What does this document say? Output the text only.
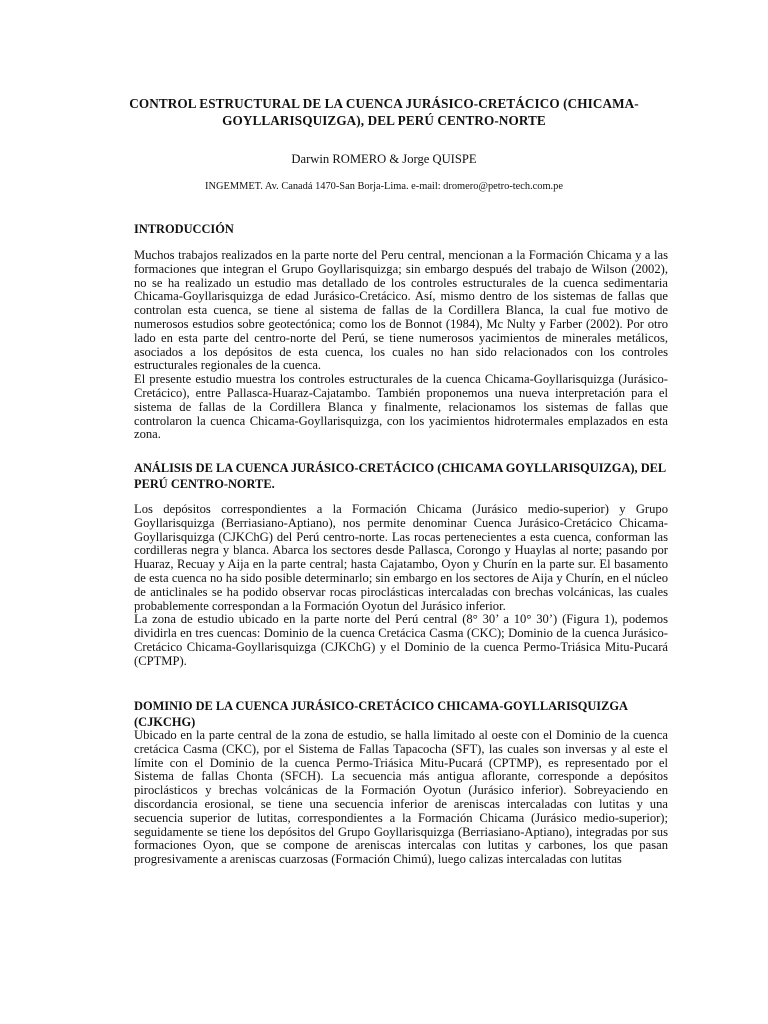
CONTROL ESTRUCTURAL DE LA CUENCA JURÁSICO-CRETÁCICO (CHICAMA-GOYLLARISQUIZGA), DEL PERÚ CENTRO-NORTE
Darwin ROMERO & Jorge QUISPE
INGEMMET. Av. Canadá 1470-San Borja-Lima. e-mail: dromero@petro-tech.com.pe
INTRODUCCIÓN

Muchos trabajos realizados en la parte norte del Peru central, mencionan a la Formación Chicama y a las formaciones que integran el Grupo Goyllarisquizga; sin embargo después del trabajo de Wilson (2002), no se ha realizado un estudio mas detallado de los controles estructurales de la cuenca sedimentaria Chicama-Goyllarisquizga de edad Jurásico-Cretácico. Así, mismo dentro de los sistemas de fallas que controlan esta cuenca, se tiene al sistema de fallas de la Cordillera Blanca, la cual fue motivo de numerosos estudios sobre geotectónica; como los de Bonnot (1984), Mc Nulty y Farber (2002). Por otro lado en esta parte del centro-norte del Perú, se tiene numerosos yacimientos de minerales metálicos, asociados a los depósitos de esta cuenca, los cuales no han sido relacionados con los controles estructurales regionales de la cuenca.

El presente estudio muestra los controles estructurales de la cuenca Chicama-Goyllarisquizga (Jurásico-Cretácico), entre Pallasca-Huaraz-Cajatambo. También proponemos una nueva interpretación para el sistema de fallas de la Cordillera Blanca y finalmente, relacionamos los sistemas de fallas que controlaron la cuenca Chicama-Goyllarisquizga, con los yacimientos hidrotermales emplazados en esta zona.

ANÁLISIS DE LA CUENCA JURÁSICO-CRETÁCICO (CHICAMA GOYLLARISQUIZGA), DEL PERÚ CENTRO-NORTE.

Los depósitos correspondientes a la Formación Chicama (Jurásico medio-superior) y Grupo Goyllarisquizga (Berriasiano-Aptiano), nos permite denominar Cuenca Jurásico-Cretácico Chicama-Goyllarisquizga (CJKChG) del Perú centro-norte. Las rocas pertenecientes a esta cuenca, conforman las cordilleras negra y blanca. Abarca los sectores desde Pallasca, Corongo y Huaylas al norte; pasando por Huaraz, Recuay y Aija en la parte central; hasta Cajatambo, Oyon y Churín en la parte sur. El basamento de esta cuenca no ha sido posible determinarlo; sin embargo en los sectores de Aija y Churín, en el núcleo de anticlinales se ha podido observar rocas piroclásticas intercaladas con brechas volcánicas, las cuales probablemente correspondan a la Formación Oyotun del Jurásico inferior.

La zona de estudio ubicado en la parte norte del Perú central (8° 30’ a 10° 30’) (Figura 1), podemos dividirla en tres cuencas: Dominio de la cuenca Cretácica Casma (CKC); Dominio de la cuenca Jurásico-Cretácico Chicama-Goyllarisquizga (CJKChG) y el Dominio de la cuenca Permo-Triásica Mitu-Pucará (CPTMP).

DOMINIO DE LA CUENCA JURÁSICO-CRETÁCICO CHICAMA-GOYLLARISQUIZGA (CJKCHG)

Ubicado en la parte central de la zona de estudio, se halla limitado al oeste con el Dominio de la cuenca cretácica Casma (CKC), por el Sistema de Fallas Tapacocha (SFT), las cuales son inversas y al este el límite con el Dominio de la cuenca Permo-Triásica Mitu-Pucará (CPTMP), es representado por el Sistema de fallas Chonta (SFCH). La secuencia más antigua aflorante, corresponde a depósitos piroclásticos y brechas volcánicas de la Formación Oyotun (Jurásico inferior). Sobreyaciendo en discordancia erosional, se tiene una secuencia inferior de areniscas intercaladas con lutitas y una secuencia superior de lutitas, correspondientes a la Formación Chicama (Jurásico medio-superior); seguidamente se tiene los depósitos del Grupo Goyllarisquizga (Berriasiano-Aptiano), integradas por sus formaciones Oyon, que se compone de areniscas intercalas con lutitas y carbones, los que pasan progresivamente a areniscas cuarzosas (Formación Chimú), luego calizas intercaladas con lutitas
